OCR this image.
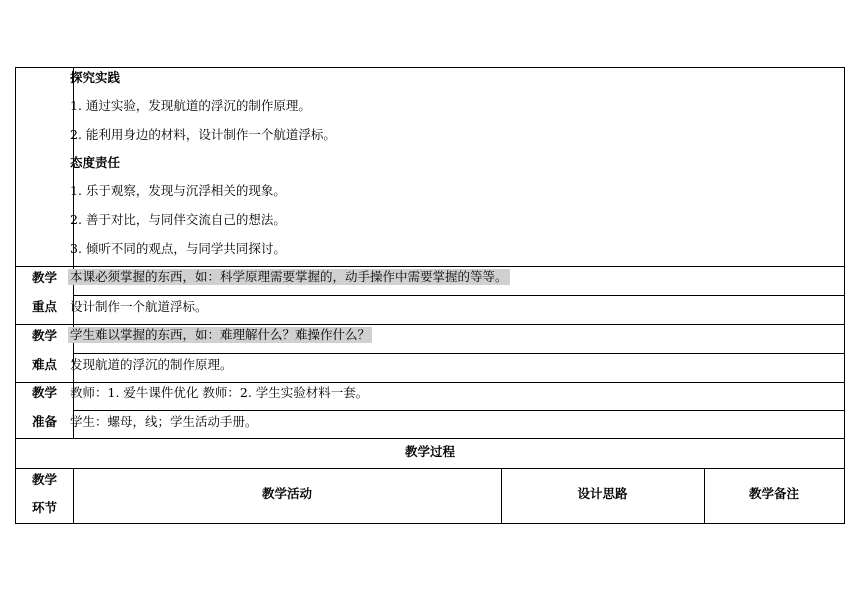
探究实践
1. 通过实验，发现航道的浮沉的制作原理。
2. 能利用身边的材料，设计制作一个航道浮标。
态度责任
1. 乐于观察，发现与沉浮相关的现象。
2. 善于对比，与同伴交流自己的想法。
3. 倾听不同的观点，与同学共同探讨。
教学
重点
本课必须掌握的东西，如：科学原理需要掌握的，动手操作中需要掌握的等等。
设计制作一个航道浮标。
教学
难点
学生难以掌握的东西，如：难理解什么？难操作什么？
发现航道的浮沉的制作原理。
教学
准备
教师：1. 爱牛课件优化 教师：2. 学生实验材料一套。
学生：螺母，线；学生活动手册。
教学过程
教学
环节
教学活动	设计思路	教学备注
